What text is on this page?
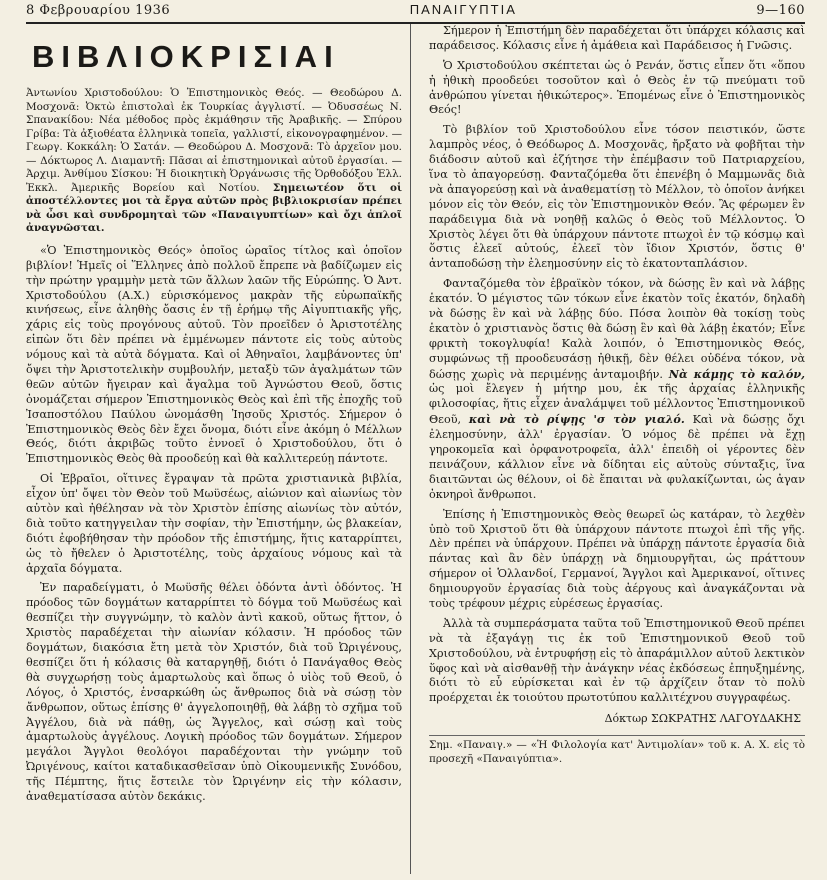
8 Φεβρουαρίου 1936	ΠΑΝΑΙΓΥΠΤΙΑ	9—160
ΒΙΒΛΙΟΚΡΙΣΙΑΙ
Ἀντωνίου Χριστοδούλου: Ὁ Ἐπιστημονικὸς Θεός. — Θεοδώρου Δ. Μοσχονᾶ: Ὀκτὼ ἐπιστολαὶ ἐκ Τουρκίας ἀγγλιστί. — Ὀδυσσέως Ν. Σπανακίδου: Νέα μέθοδος πρὸς ἐκμάθησιν τῆς Ἀραβικῆς. — Σπύρου Γρίβα: Τὰ ἀξιοθέατα ἑλληνικὰ τοπεῖα, γαλλιστί, εἰκονογραφημένον. — Γεωργ. Κοκκάλη: Ὁ Σατάν. — Θεοδώρου Δ. Μοσχονᾶ: Τὸ ἀρχεῖον μου. — Δόκτωρος Λ. Διαμαντῆ: Πᾶσαι αἱ ἐπιστημονικαὶ αὐτοῦ ἐργασίαι. — Ἀρχιμ. Ἀνθίμου Σίσκου: Ἡ διοικητικὴ Ὀργάνωσις τῆς Ὀρθοδόξου Ἑλλ. Ἐκκλ. Ἀμερικῆς Βορείου καὶ Νοτίου. Σημειωτέον ὅτι οἱ ἀποστέλλοντες μοι τὰ ἔργα αὐτῶν πρὸς βιβλιοκρισίαν πρέπει νὰ ὦσι καὶ συνδρομηταὶ τῶν «Παναιγυπτίων» καὶ ὄχι ἁπλοῖ ἀναγνῶσται.

«Ὁ Ἐπιστημονικὸς Θεός» ὁποῖος ὡραῖος τίτλος καὶ ὁποῖον βιβλίον! Ἡμεῖς οἱ Ἕλληνες ἀπὸ πολλοῦ ἔπρεπε νὰ βαδίζωμεν εἰς τὴν πρώτην γραμμὴν μετὰ τῶν ἄλλων λαῶν τῆς Εὐρώπης. Ὁ Ἀντ. Χριστοδούλου (Α.Χ.) εὑρισκόμενος μακρὰν τῆς εὐρωπαϊκῆς κινήσεως, εἶνε ἀληθὴς ὄασις ἐν τῇ ἐρήμῳ τῆς Αἰγυπτιακῆς γῆς, χάρις εἰς τοὺς προγόνους αὐτοῦ. Τὸν προεῖδεν ὁ Ἀριστοτέλης εἰπὼν ὅτι δὲν πρέπει νὰ ἐμμένωμεν πάντοτε εἰς τοὺς αὐτοὺς νόμους καὶ τὰ αὐτὰ δόγματα. Καὶ οἱ Ἀθηναῖοι, λαμβάνοντες ὑπ' ὄψει τὴν Ἀριστοτελικὴν συμβουλήν, μεταξὺ τῶν ἀγαλμάτων τῶν θεῶν αὐτῶν ἤγειραν καὶ ἄγαλμα τοῦ Ἀγνώστου Θεοῦ, ὅστις ὀνομάζεται σήμερον Ἐπιστημονικὸς Θεὸς καὶ ἐπὶ τῆς ἐποχῆς τοῦ Ἰσαποστόλου Παύλου ὠνομάσθη Ἰησοῦς Χριστός. Σήμερον ὁ Ἐπιστημονικὸς Θεὸς δὲν ἔχει ὄνομα, διότι εἶνε ἀκόμη ὁ Μέλλων Θεός, διότι ἀκριβῶς τοῦτο ἐννοεῖ ὁ Χριστοδούλου, ὅτι ὁ Ἐπιστημονικὸς Θεὸς θὰ προοδεύῃ καὶ θὰ καλλιτερεύῃ πάντοτε.

Οἱ Ἑβραῖοι, οἵτινες ἔγραψαν τὰ πρῶτα χριστιανικὰ βιβλία, εἶχον ὑπ' ὄψει τὸν Θεὸν τοῦ Μωϋσέως, αἰώνιον καὶ αἰωνίως τὸν αὐτὸν καὶ ἠθέλησαν νὰ τὸν Χριστὸν ἐπίσης αἰωνίως τὸν αὐτόν, διὰ τοῦτο κατηγγειλαν τὴν σοφίαν, τὴν Ἐπιστήμην, ὡς βλακείαν, διότι ἐφοβήθησαν τὴν πρόοδον τῆς ἐπιστήμης, ἥτις καταρρίπτει, ὡς τὸ ἤθελεν ὁ Ἀριστοτέλης, τοὺς ἀρχαίους νόμους καὶ τὰ ἀρχαῖα δόγματα.

Ἐν παραδείγματι, ὁ Μωϋσῆς θέλει ὀδόντα ἀντὶ ὀδόντος. Ἡ πρόοδος τῶν δογμάτων καταρρίπτει τὸ δόγμα τοῦ Μωϋσέως καὶ θεσπίζει τὴν συγγνώμην, τὸ καλὸν ἀντὶ κακοῦ, οὕτως ἥττον, ὁ Χριστὸς παραδέχεται τὴν αἰωνίαν κόλασιν. Ἡ πρόοδος τῶν δογμάτων, διακόσια ἔτη μετὰ τὸν Χριστόν, διὰ τοῦ Ὠριγένους, θεσπίζει ὅτι ἡ κόλασις θὰ καταργηθῇ, διότι ὁ Πανάγαθος Θεὸς θὰ συγχωρήσῃ τοὺς ἁμαρτωλοὺς καὶ ὅπως ὁ υἱὸς τοῦ Θεοῦ, ὁ Λόγος, ὁ Χριστός, ἐνσαρκώθη ὡς ἄνθρωπος διὰ νὰ σώσῃ τὸν ἄνθρωπον, οὕτως ἐπίσης θ' ἀγγελοποιηθῇ, θὰ λάβῃ τὸ σχῆμα τοῦ Ἀγγέλου, διὰ νὰ πάθῃ, ὡς Ἄγγελος, καὶ σώσῃ καὶ τοὺς ἁμαρτωλοὺς ἀγγέλους. Λογικὴ πρόοδος τῶν δογμάτων. Σήμερον μεγάλοι Ἄγγλοι θεολόγοι παραδέχονται τὴν γνώμην τοῦ Ὠριγένους, καίτοι καταδικασθεῖσαν ὑπὸ Οἰκουμενικῆς Συνόδου, τῆς Πέμπτης, ἥτις ἔστειλε τὸν Ὠριγένην εἰς τὴν κόλασιν, ἀναθεματίσασα αὐτὸν δεκάκις.

Σήμερον ἡ Ἐπιστήμη δὲν παραδέχεται ὅτι ὑπάρχει κόλασις καὶ παράδεισος. Κόλασις εἶνε ἡ ἀμάθεια καὶ Παράδεισος ἡ Γνῶσις.

Ὁ Χριστοδούλου σκέπτεται ὡς ὁ Ρενάν, ὅστις εἶπεν ὅτι «ὅπου ἡ ἠθικὴ προοδεύει τοσοῦτον καὶ ὁ Θεὸς ἐν τῷ πνεύματι τοῦ ἀνθρώπου γίνεται ἠθικώτερος». Ἑπομένως εἶνε ὁ Ἐπιστημονικὸς Θεός!

Τὸ βιβλίον τοῦ Χριστοδούλου εἶνε τόσον πειστικόν, ὥστε λαμπρὸς νέος, ὁ Θεόδωρος Δ. Μοσχονᾶς, ἤρξατο νὰ φοβῆται τὴν διάδοσιν αὐτοῦ καὶ ἐζήτησε τὴν ἐπέμβασιν τοῦ Πατριαρχείου, ἵνα τὸ ἀπαγορεύσῃ. Φανταζόμεθα ὅτι ἐπενέβη ὁ Μαμμωνᾶς διὰ νὰ ἀπαγορεύσῃ καὶ νὰ ἀναθεματίσῃ τὸ Μέλλον, τὸ ὁποῖον ἀνήκει μόνον εἰς τὸν Θεόν, εἰς τὸν Ἐπιστημονικὸν Θεόν. Ἂς φέρωμεν ἓν παράδειγμα διὰ νὰ νοηθῇ καλῶς ὁ Θεὸς τοῦ Μέλλοντος. Ὁ Χριστὸς λέγει ὅτι θὰ ὑπάρχουν πάντοτε πτωχοὶ ἐν τῷ κόσμῳ καὶ ὅστις ἐλεεῖ αὐτούς, ἐλεεῖ τὸν ἴδιον Χριστόν, ὅστις θ' ἀνταποδώσῃ τὴν ἐλεημοσύνην εἰς τὸ ἑκατονταπλάσιον.

Φανταζόμεθα τὸν ἑβραϊκὸν τόκον, νὰ δώσῃς ἓν καὶ νὰ λάβῃς ἑκατόν. Ὁ μέγιστος τῶν τόκων εἶνε ἑκατὸν τοῖς ἑκατόν, δηλαδὴ νὰ δώσῃς ἓν καὶ νὰ λάβῃς δύο. Πόσα λοιπὸν θὰ τοκίσῃ τοὺς ἑκατὸν ὁ χριστιανὸς ὅστις θὰ δώσῃ ἓν καὶ θὰ λάβῃ ἑκατόν; Εἶνε φρικτὴ τοκογλυφία! Καλὰ λοιπόν, ὁ Ἐπιστημονικὸς Θεός, συμφώνως τῇ προοδευσάσῃ ἠθικῇ, δὲν θέλει οὐδένα τόκον, νὰ δώσῃς χωρὶς νὰ περιμένῃς ἀνταμοιβήν. Νὰ κάμῃς τὸ καλόν, ὡς μοὶ ἔλεγεν ἡ μήτηρ μου, ἐκ τῆς ἀρχαίας ἑλληνικῆς φιλοσοφίας, ἥτις εἶχεν ἀναλάμψει τοῦ μέλλοντος Ἐπιστημονικοῦ Θεοῦ, καὶ νὰ τὸ ρίψῃς 'σ τὸν γιαλό. Καὶ νὰ δώσῃς ὄχι ἐλεημοσύνην, ἀλλ' ἐργασίαν. Ὁ νόμος δὲ πρέπει νὰ ἔχῃ γηροκομεῖα καὶ ὀρφανοτροφεῖα, ἀλλ' ἐπειδὴ οἱ γέροντες δὲν πεινάζουν, κάλλιον εἶνε νὰ δίδηται εἰς αὐτοὺς σύνταξις, ἵνα διαιτῶνται ὡς θέλουν, οἱ δὲ ἔπαιται νὰ φυλακίζωνται, ὡς ἀγαν ὀκνηροὶ ἄνθρωποι.

Ἐπίσης ἡ Ἐπιστημονικὸς Θεὸς θεωρεῖ ὡς κατάραν, τὸ λεχθὲν ὑπὸ τοῦ Χριστοῦ ὅτι θὰ ὑπάρχουν πάντοτε πτωχοὶ ἐπὶ τῆς γῆς. Δὲν πρέπει νὰ ὑπάρχουν. Πρέπει νὰ ὑπάρχῃ πάντοτε ἐργασία διὰ πάντας καὶ ἂν δὲν ὑπάρχῃ νὰ δημιουργῆται, ὡς πράττουν σήμερον οἱ Ὁλλανδοί, Γερμανοί, Ἄγγλοι καὶ Ἀμερικανοί, οἵτινες δημιουργοῦν ἐργασίας διὰ τοὺς ἀέργους καὶ ἀναγκάζονται νὰ τοὺς τρέφουν μέχρις εὑρέσεως ἐργασίας.

Ἀλλὰ τὰ συμπεράσματα ταῦτα τοῦ Ἐπιστημονικοῦ Θεοῦ πρέπει νὰ τὰ ἐξαγάγῃ τις ἐκ τοῦ Ἐπιστημονικοῦ Θεοῦ τοῦ Χριστοδούλου, νὰ ἐντρυφήσῃ εἰς τὸ ἀπαράμιλλον αὐτοῦ λεκτικὸν ὕφος καὶ νὰ αἰσθανθῇ τὴν ἀνάγκην νέας ἐκδόσεως ἐπηυξημένης, διότι τὸ εὖ εὑρίσκεται καὶ ἐν τῷ ἀρχίζειν ὅταν τὸ πολὺ προέρχεται ἐκ τοιούτου πρωτοτύπου καλλιτέχνου συγγραφέως.

Δόκτωρ ΣΩΚΡΑΤΗΣ ΛΑΓΟΥΔΑΚΗΣ
Σημ. «Παναιγ.» — «Ἡ Φιλολογία κατ' Ἀντιμολίαν» τοῦ κ. Α. Χ. εἰς τὸ προσεχῆ «Παναιγύπτια».
